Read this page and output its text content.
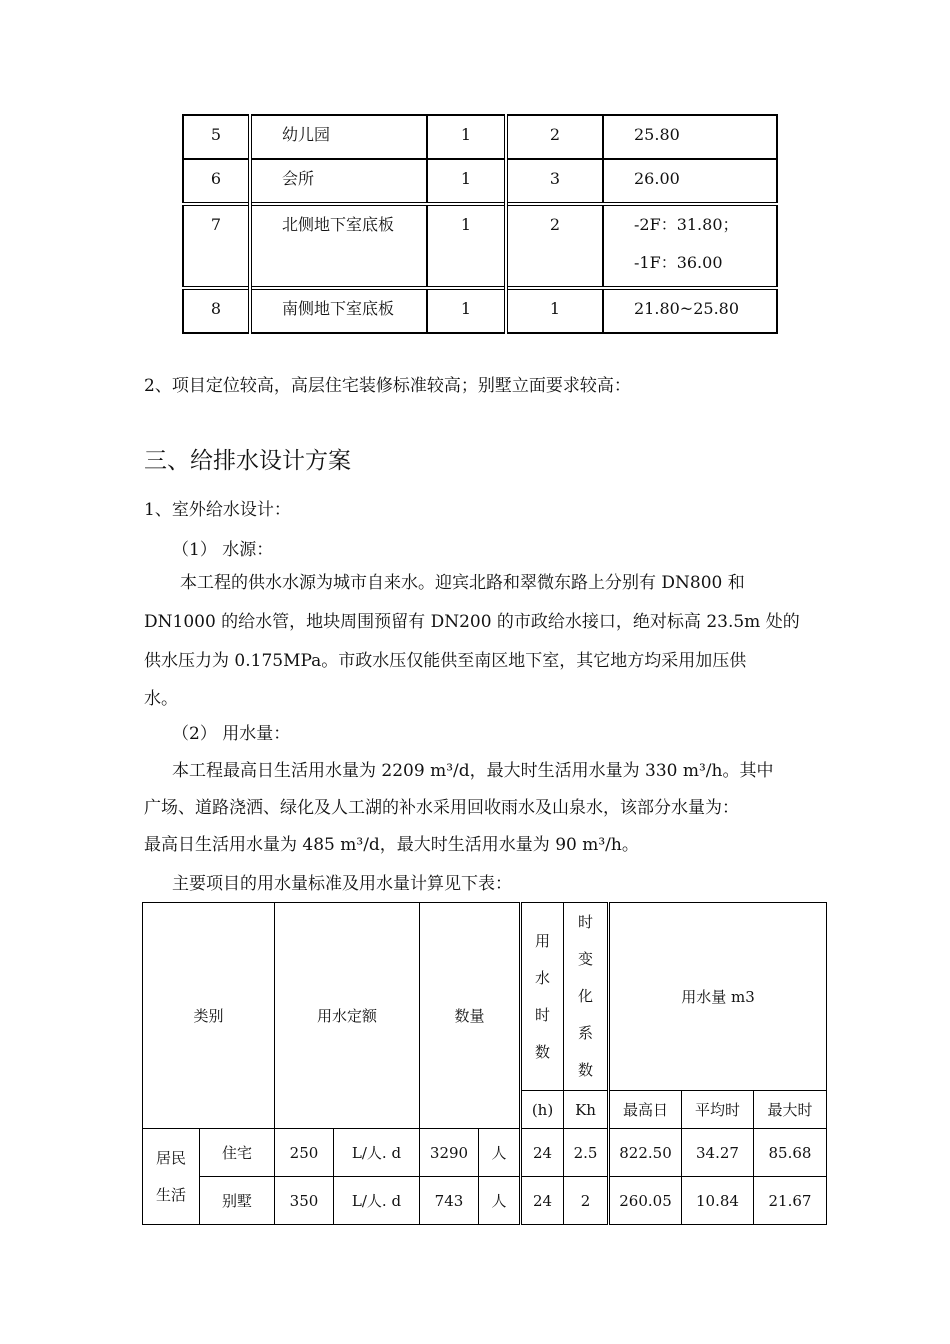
5	幼儿园	1	2	25.80
6	会所	1	3	26.00

7	北侧地下室底板	1	2	-2F：31.80；
-1F：36.00

8	南侧地下室底板	1	1	21.80~25.80
2、项目定位较高，高层住宅装修标准较高；别墅立面要求较高：
三、给排水设计方案
1、室外给水设计：
（1） 水源：
本工程的供水水源为城市自来水。迎宾北路和翠微东路上分别有 DN800 和
DN1000 的给水管，地块周围预留有 DN200 的市政给水接口，绝对标高 23.5m 处的
供水压力为 0.175MPa。市政水压仅能供至南区地下室，其它地方均采用加压供
水。
（2） 用水量：
本工程最高日生活用水量为 2209 m³/d，最大时生活用水量为 330 m³/h。其中
广场、道路浇洒、绿化及人工湖的补水采用回收雨水及山泉水，该部分水量为：
最高日生活用水量为 485 m³/d，最大时生活用水量为 90 m³/h。
主要项目的用水量标准及用水量计算见下表：
类别		用水定额		数量		用水时数	时变化系数	用水量 m3		
						(h)	Kh	最高日	平均时	最大时

居民生活	住宅	250	L/人. d	3290	人	24	2.5	822.50	34.27	85.68
	别墅	350	L/人. d	743	人	24	2	260.05	10.84	21.67
